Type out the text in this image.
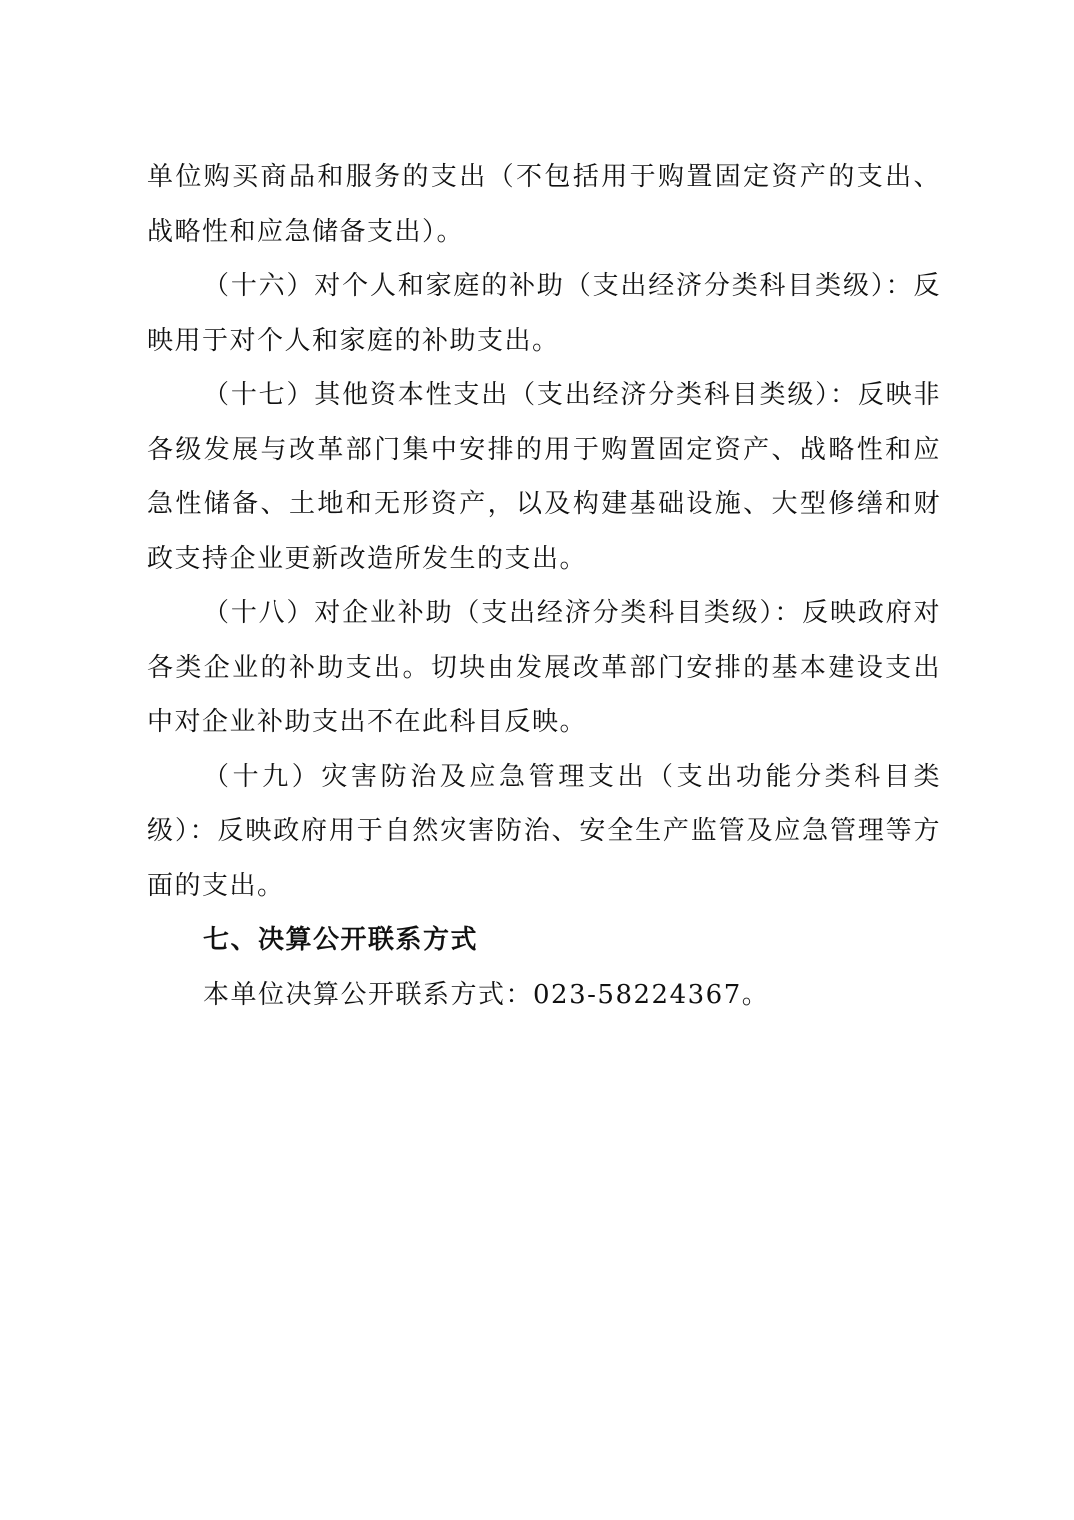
单位购买商品和服务的支出（不包括用于购置固定资产的支出、战略性和应急储备支出）。

（十六）对个人和家庭的补助（支出经济分类科目类级）：反映用于对个人和家庭的补助支出。

（十七）其他资本性支出（支出经济分类科目类级）：反映非各级发展与改革部门集中安排的用于购置固定资产、战略性和应急性储备、土地和无形资产，以及构建基础设施、大型修缮和财政支持企业更新改造所发生的支出。

（十八）对企业补助（支出经济分类科目类级）：反映政府对各类企业的补助支出。切块由发展改革部门安排的基本建设支出中对企业补助支出不在此科目反映。

（十九）灾害防治及应急管理支出（支出功能分类科目类级）：反映政府用于自然灾害防治、安全生产监管及应急管理等方面的支出。

七、决算公开联系方式

本单位决算公开联系方式：023-58224367。
